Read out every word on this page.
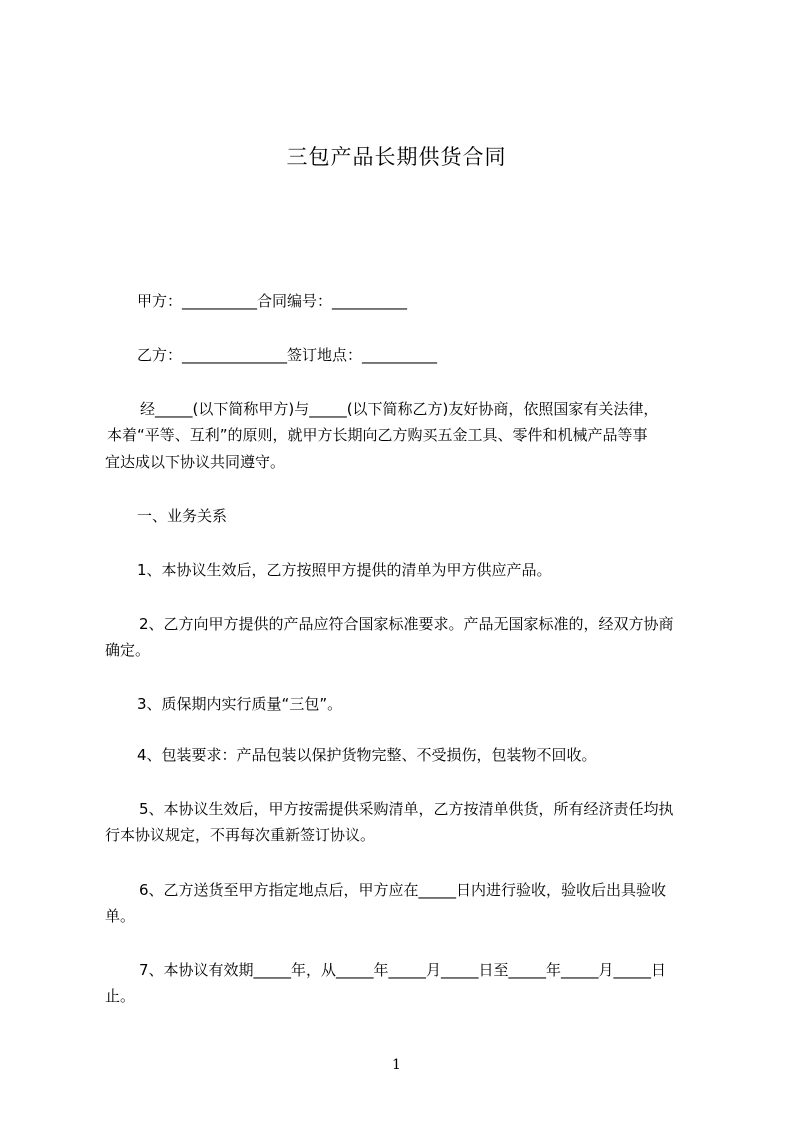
三包产品长期供货合同
甲方：__________合同编号：__________
乙方：______________签订地点：__________
经_____(以下简称甲方)与_____(以下简称乙方)友好协商，依照国家有关法律，
本着“平等、互利”的原则，就甲方长期向乙方购买五金工具、零件和机械产品等事
宜达成以下协议共同遵守。
一、业务关系
1、本协议生效后，乙方按照甲方提供的清单为甲方供应产品。
2、乙方向甲方提供的产品应符合国家标准要求。产品无国家标准的，经双方协商
确定。
3、质保期内实行质量“三包”。
4、包装要求：产品包装以保护货物完整、不受损伤，包装物不回收。
5、本协议生效后，甲方按需提供采购清单，乙方按清单供货，所有经济责任均执
行本协议规定，不再每次重新签订协议。
6、乙方送货至甲方指定地点后，甲方应在_____日内进行验收，验收后出具验收
单。
7、本协议有效期_____年，从_____年_____月_____日至_____年_____月_____日
止。
1
